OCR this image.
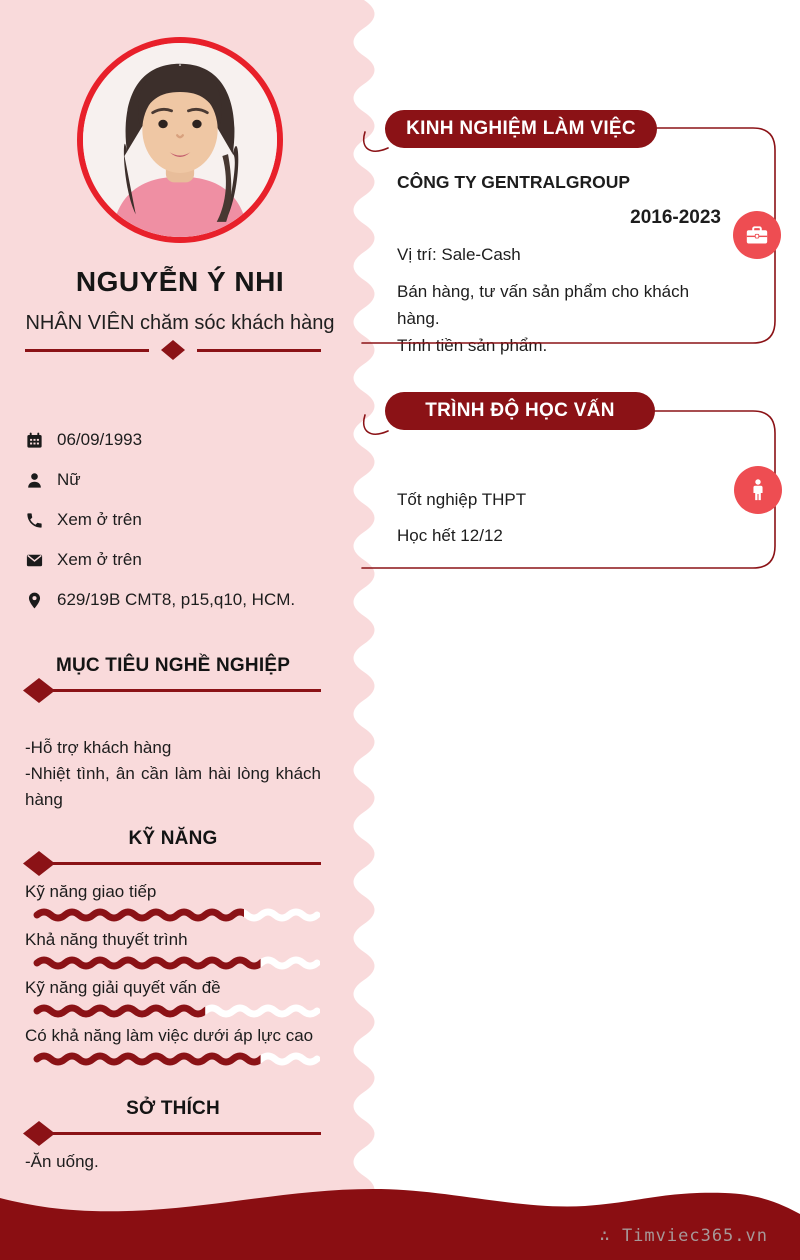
NGUYỄN Ý NHI
NHÂN VIÊN chăm sóc khách hàng
06/09/1993
Nữ
Xem ở trên
Xem ở trên
629/19B CMT8, p15,q10, HCM.
MỤC TIÊU NGHỀ NGHIỆP

-Hỗ trợ khách hàng

-Nhiệt tình, ân cần làm hài lòng khách hàng

KỸ NĂNG
Kỹ năng giao tiếp
Khả năng thuyết trình
Kỹ năng giải quyết vấn đề
Có khả năng làm việc dưới áp lực cao
SỞ THÍCH

-Ăn uống.

KINH NGHIỆM LÀM VIỆC
CÔNG TY GENTRALGROUP
2016-2023
Vị trí: Sale-Cash
Bán hàng, tư vấn sản phẩm cho khách hàng.
Tính tiền sản phẩm.
TRÌNH ĐỘ HỌC VẤN
Tốt nghiệp THPT
Học hết 12/12
∴ Timviec365.vn
